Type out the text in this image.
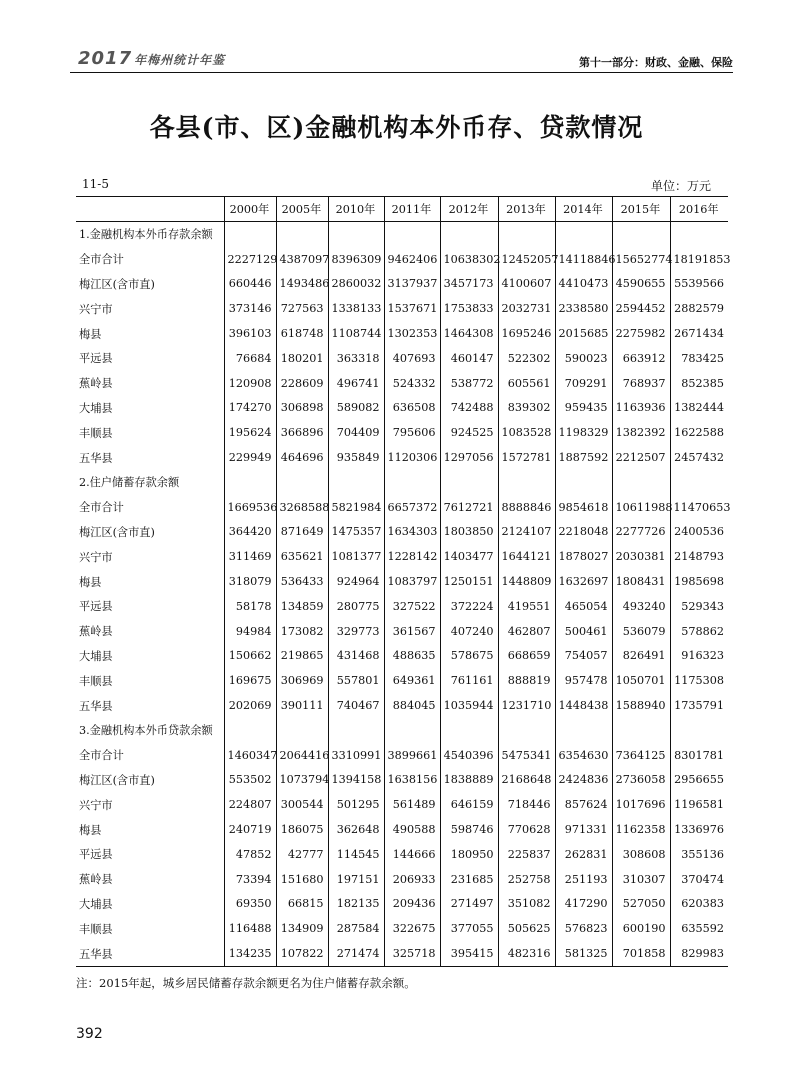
2017 年梅州统计年鉴	第十一部分：财政、金融、保险
各县(市、区)金融机构本外币存、贷款情况
11-5	单位：万元
	2000年	2005年	2010年	2011年	2012年	2013年	2014年	2015年	2016年
1.金融机构本外币存款余额									
全市合计	2227129	4387097	8396309	9462406	10638302	12452057	14118846	15652774	18191853
梅江区(含市直)	660446	1493486	2860032	3137937	3457173	4100607	4410473	4590655	5539566
兴宁市	373146	727563	1338133	1537671	1753833	2032731	2338580	2594452	2882579
梅县	396103	618748	1108744	1302353	1464308	1695246	2015685	2275982	2671434
平远县	76684	180201	363318	407693	460147	522302	590023	663912	783425
蕉岭县	120908	228609	496741	524332	538772	605561	709291	768937	852385
大埔县	174270	306898	589082	636508	742488	839302	959435	1163936	1382444
丰顺县	195624	366896	704409	795606	924525	1083528	1198329	1382392	1622588
五华县	229949	464696	935849	1120306	1297056	1572781	1887592	2212507	2457432
2.住户储蓄存款余额									
全市合计	1669536	3268588	5821984	6657372	7612721	8888846	9854618	10611988	11470653
梅江区(含市直)	364420	871649	1475357	1634303	1803850	2124107	2218048	2277726	2400536
兴宁市	311469	635621	1081377	1228142	1403477	1644121	1878027	2030381	2148793
梅县	318079	536433	924964	1083797	1250151	1448809	1632697	1808431	1985698
平远县	58178	134859	280775	327522	372224	419551	465054	493240	529343
蕉岭县	94984	173082	329773	361567	407240	462807	500461	536079	578862
大埔县	150662	219865	431468	488635	578675	668659	754057	826491	916323
丰顺县	169675	306969	557801	649361	761161	888819	957478	1050701	1175308
五华县	202069	390111	740467	884045	1035944	1231710	1448438	1588940	1735791
3.金融机构本外币贷款余额									
全市合计	1460347	2064416	3310991	3899661	4540396	5475341	6354630	7364125	8301781
梅江区(含市直)	553502	1073794	1394158	1638156	1838889	2168648	2424836	2736058	2956655
兴宁市	224807	300544	501295	561489	646159	718446	857624	1017696	1196581
梅县	240719	186075	362648	490588	598746	770628	971331	1162358	1336976
平远县	47852	42777	114545	144666	180950	225837	262831	308608	355136
蕉岭县	73394	151680	197151	206933	231685	252758	251193	310307	370474
大埔县	69350	66815	182135	209436	271497	351082	417290	527050	620383
丰顺县	116488	134909	287584	322675	377055	505625	576823	600190	635592
五华县	134235	107822	271474	325718	395415	482316	581325	701858	829983
注：2015年起，城乡居民储蓄存款余额更名为住户储蓄存款余额。
392
